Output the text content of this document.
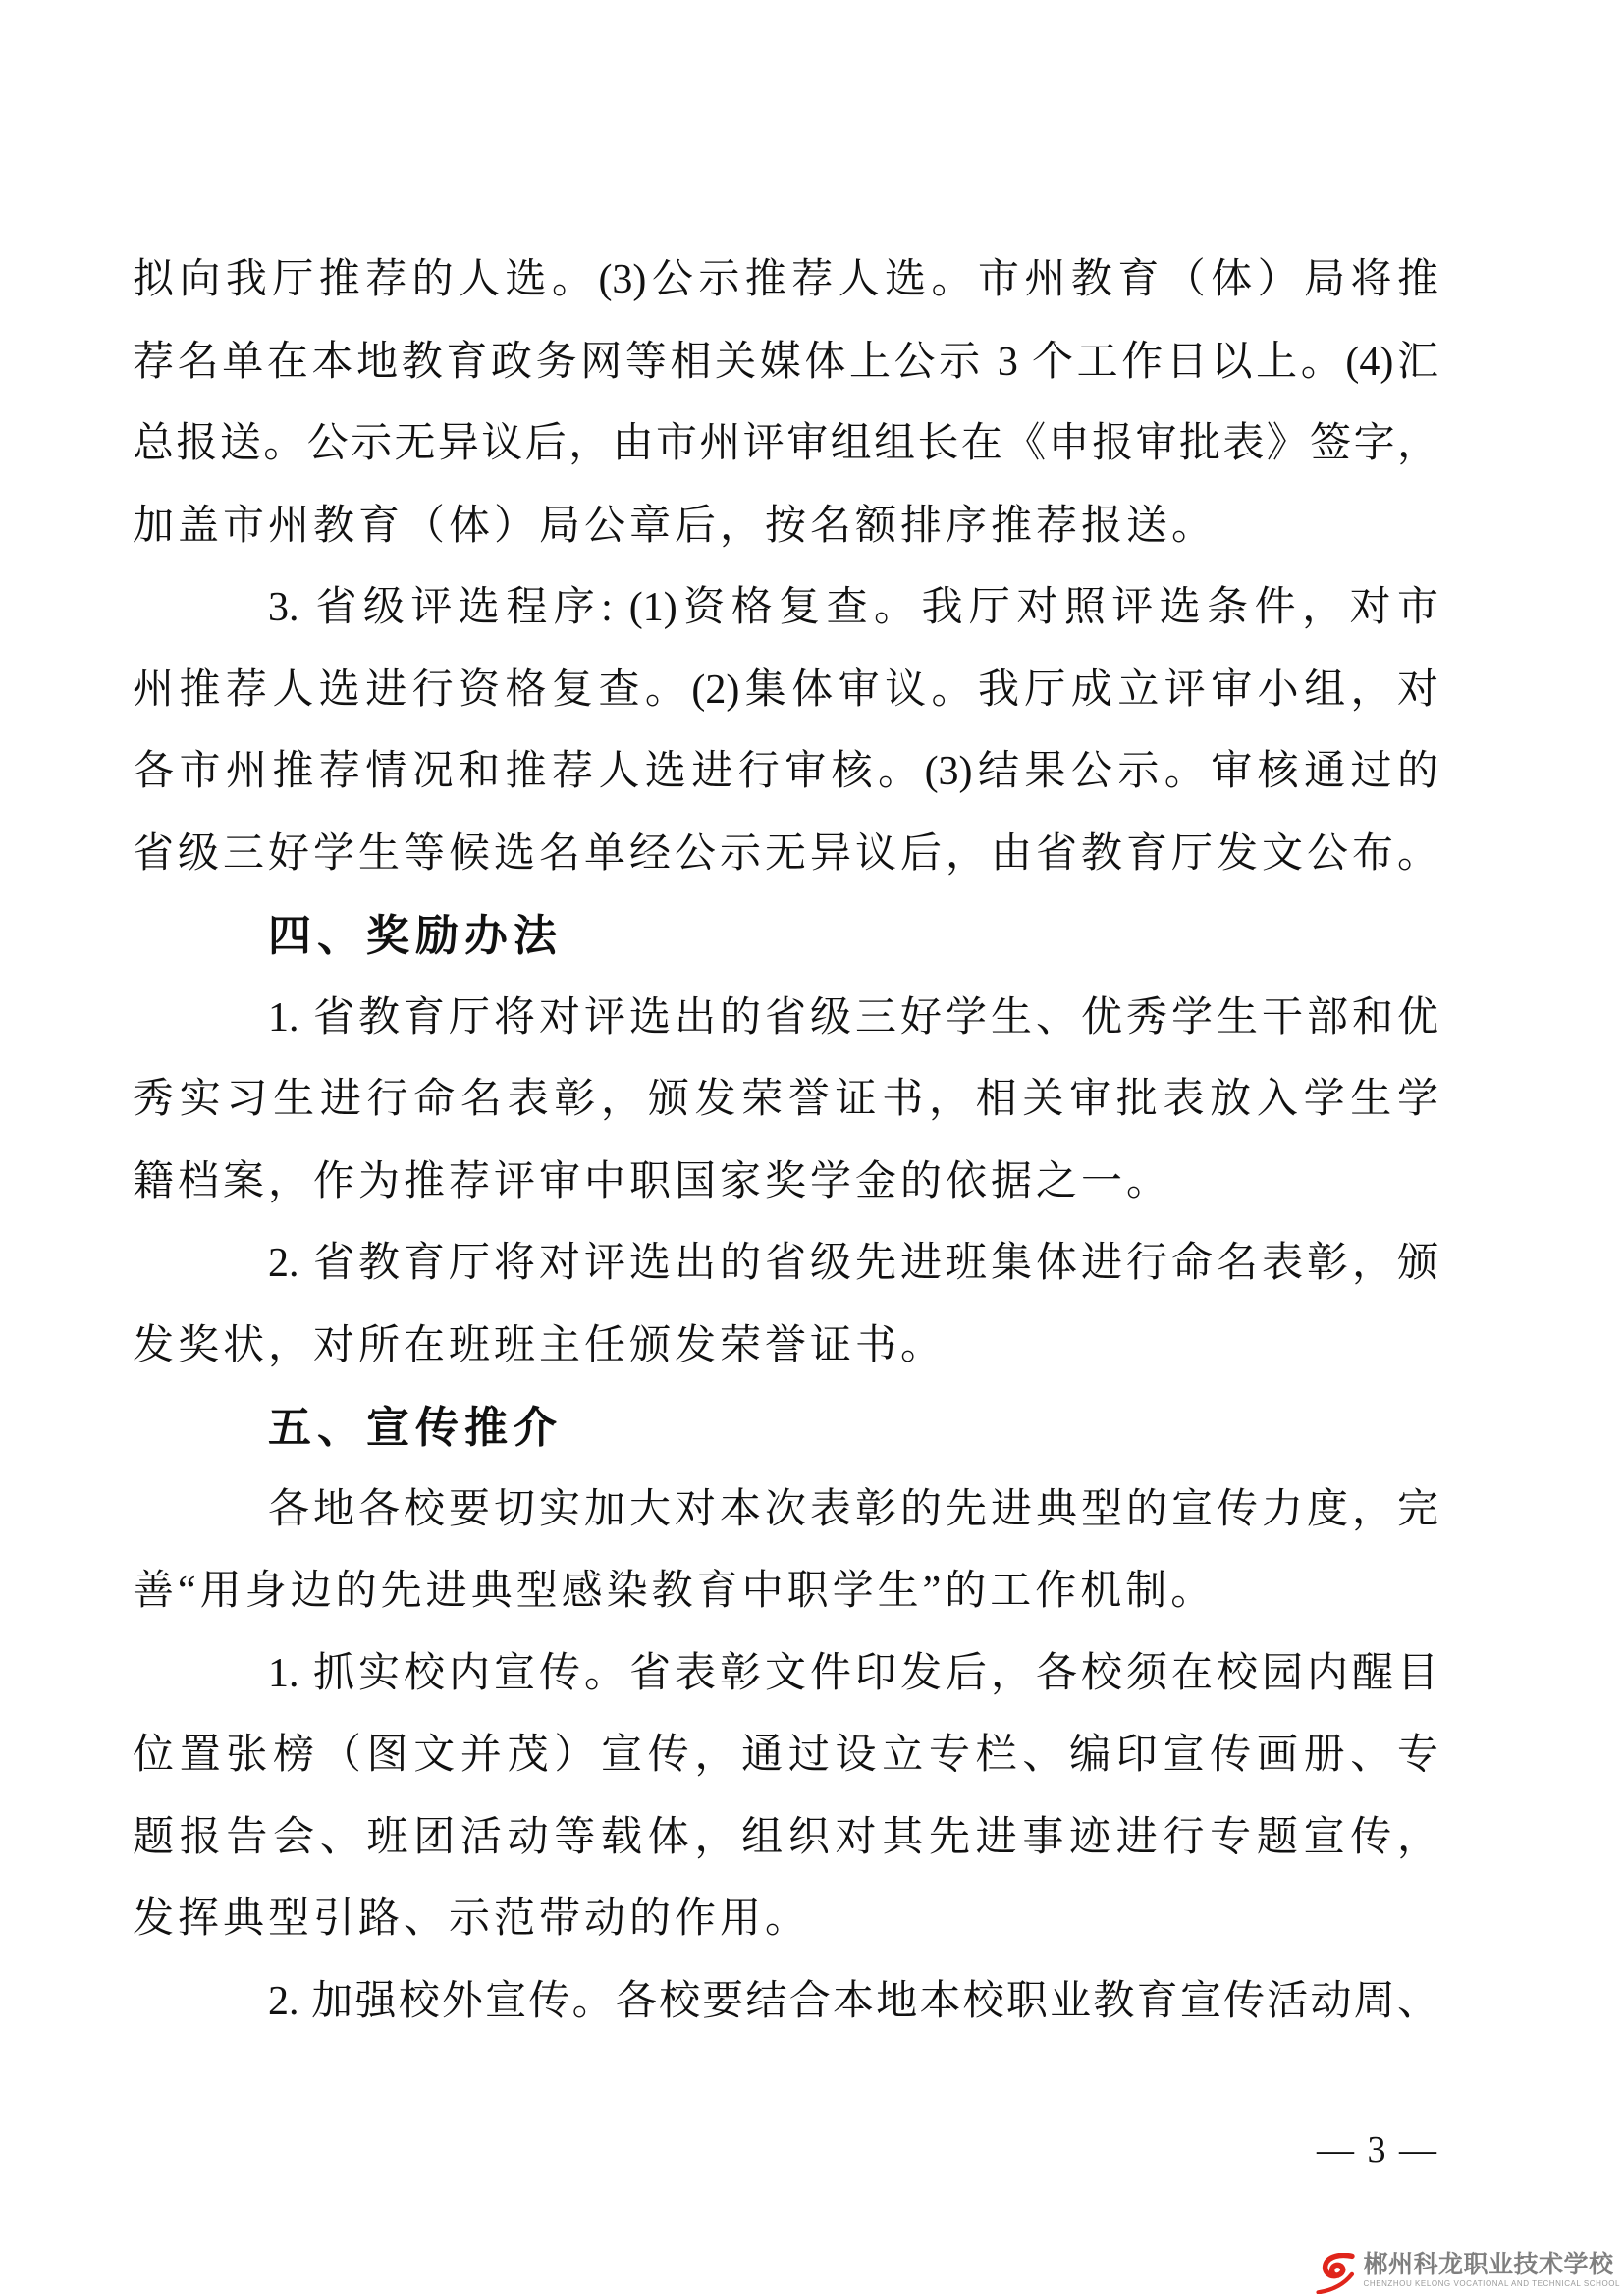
拟向我厅推荐的人选。(3)公示推荐人选。市州教育（体）局将推
荐名单在本地教育政务网等相关媒体上公示 3 个工作日以上。(4)汇
总报送。公示无异议后，由市州评审组组长在《申报审批表》签字，
加盖市州教育（体）局公章后，按名额排序推荐报送。
3. 省级评选程序: (1)资格复查。我厅对照评选条件，对市
州推荐人选进行资格复查。(2)集体审议。我厅成立评审小组，对
各市州推荐情况和推荐人选进行审核。(3)结果公示。审核通过的
省级三好学生等候选名单经公示无异议后，由省教育厅发文公布。
四、奖励办法
1. 省教育厅将对评选出的省级三好学生、优秀学生干部和优
秀实习生进行命名表彰，颁发荣誉证书，相关审批表放入学生学
籍档案，作为推荐评审中职国家奖学金的依据之一。
2. 省教育厅将对评选出的省级先进班集体进行命名表彰，颁
发奖状，对所在班班主任颁发荣誉证书。
五、宣传推介
各地各校要切实加大对本次表彰的先进典型的宣传力度，完
善“用身边的先进典型感染教育中职学生”的工作机制。
1. 抓实校内宣传。省表彰文件印发后，各校须在校园内醒目
位置张榜（图文并茂）宣传，通过设立专栏、编印宣传画册、专
题报告会、班团活动等载体，组织对其先进事迹进行专题宣传，
发挥典型引路、示范带动的作用。
2. 加强校外宣传。各校要结合本地本校职业教育宣传活动周、
— 3 —
郴州科龙职业技术学校
CHENZHOU KELONG VOCATIONAL AND TECHNICAL SCHOOL
